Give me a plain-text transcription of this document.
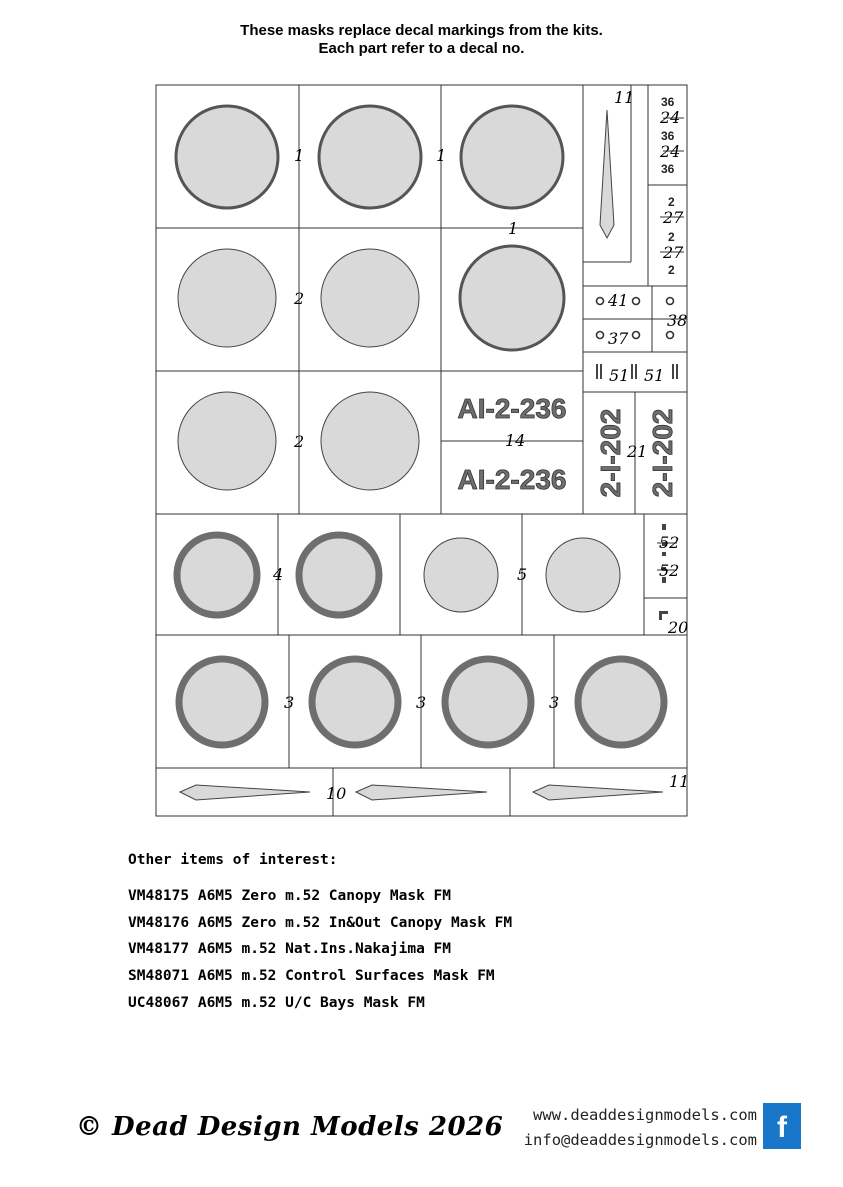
These masks replace decal markings from the kits.
Each part refer to a decal no.
1	1
1
2
2
4	5
3	3	3
10
11
11
14
20
21
41
37
38
51 51
52
52
24
24
27
27
36
36
36
2
2
2
AI-2-236
AI-2-236 2-I-202 2-I-202
Other items of interest:
VM48175 A6M5 Zero m.52 Canopy Mask FM
VM48176 A6M5 Zero m.52 In&Out Canopy Mask FM
VM48177 A6M5 m.52 Nat.Ins.Nakajima FM
SM48071 A6M5 m.52 Control Surfaces Mask FM
UC48067 A6M5 m.52 U/C Bays Mask FM
© Dead Design Models 2026	www.deaddesignmodels.com
info@deaddesignmodels.com f
